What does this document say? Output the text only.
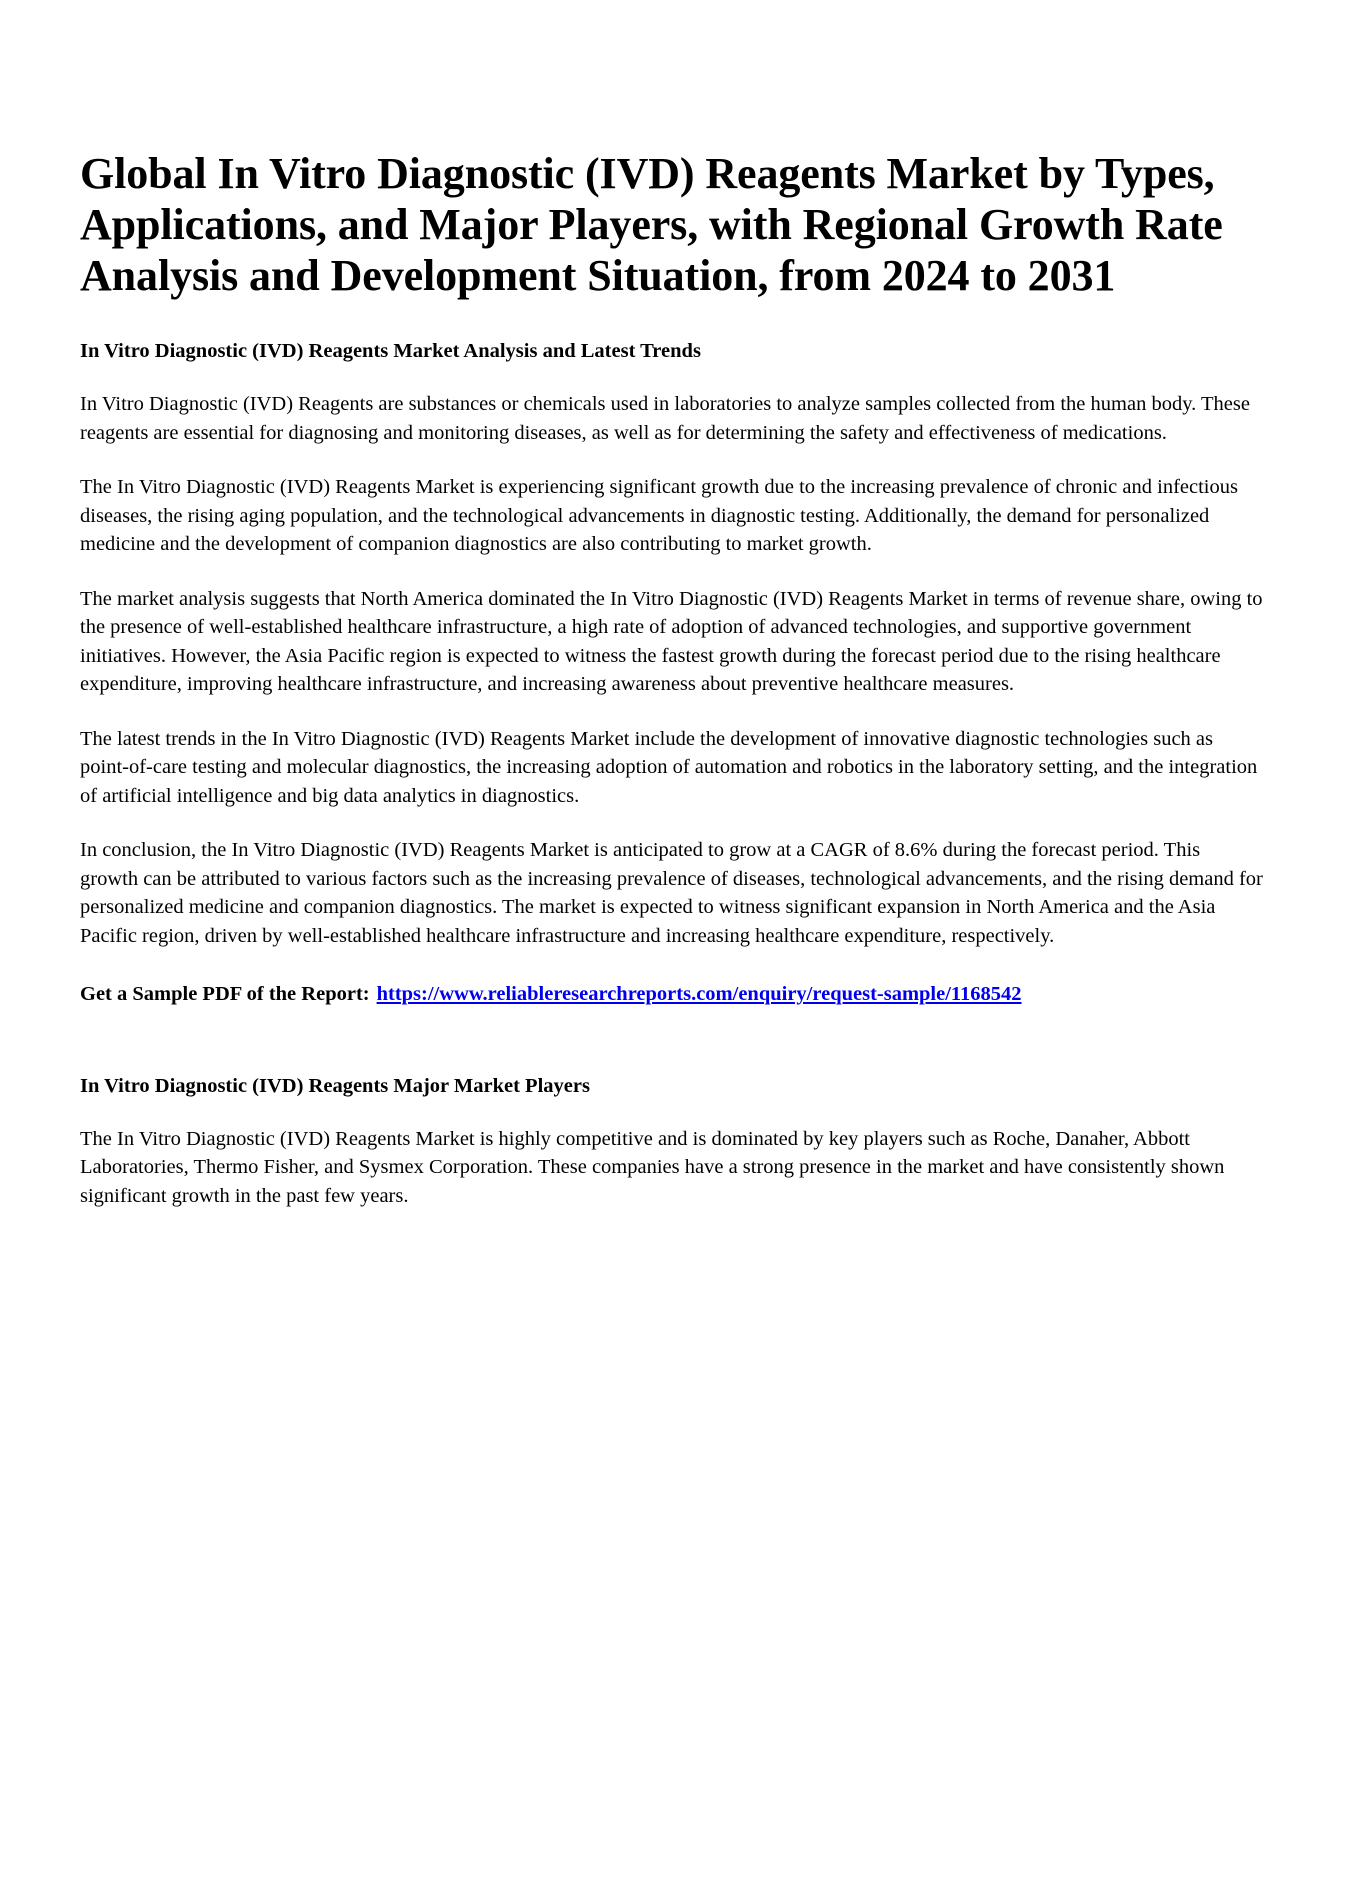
Global In Vitro Diagnostic (IVD) Reagents Market by Types, Applications, and Major Players, with Regional Growth Rate Analysis and Development Situation, from 2024 to 2031
In Vitro Diagnostic (IVD) Reagents Market Analysis and Latest Trends

In Vitro Diagnostic (IVD) Reagents are substances or chemicals used in laboratories to analyze samples collected from the human body. These reagents are essential for diagnosing and monitoring diseases, as well as for determining the safety and effectiveness of medications.

The In Vitro Diagnostic (IVD) Reagents Market is experiencing significant growth due to the increasing prevalence of chronic and infectious diseases, the rising aging population, and the technological advancements in diagnostic testing. Additionally, the demand for personalized medicine and the development of companion diagnostics are also contributing to market growth.

The market analysis suggests that North America dominated the In Vitro Diagnostic (IVD) Reagents Market in terms of revenue share, owing to the presence of well-established healthcare infrastructure, a high rate of adoption of advanced technologies, and supportive government initiatives. However, the Asia Pacific region is expected to witness the fastest growth during the forecast period due to the rising healthcare expenditure, improving healthcare infrastructure, and increasing awareness about preventive healthcare measures.

The latest trends in the In Vitro Diagnostic (IVD) Reagents Market include the development of innovative diagnostic technologies such as point-of-care testing and molecular diagnostics, the increasing adoption of automation and robotics in the laboratory setting, and the integration of artificial intelligence and big data analytics in diagnostics.

In conclusion, the In Vitro Diagnostic (IVD) Reagents Market is anticipated to grow at a CAGR of 8.6% during the forecast period. This growth can be attributed to various factors such as the increasing prevalence of diseases, technological advancements, and the rising demand for personalized medicine and companion diagnostics. The market is expected to witness significant expansion in North America and the Asia Pacific region, driven by well-established healthcare infrastructure and increasing healthcare expenditure, respectively.

Get a Sample PDF of the Report: https://www.reliableresearchreports.com/enquiry/request-sample/1168542

In Vitro Diagnostic (IVD) Reagents Major Market Players

The In Vitro Diagnostic (IVD) Reagents Market is highly competitive and is dominated by key players such as Roche, Danaher, Abbott Laboratories, Thermo Fisher, and Sysmex Corporation. These companies have a strong presence in the market and have consistently shown significant growth in the past few years.
